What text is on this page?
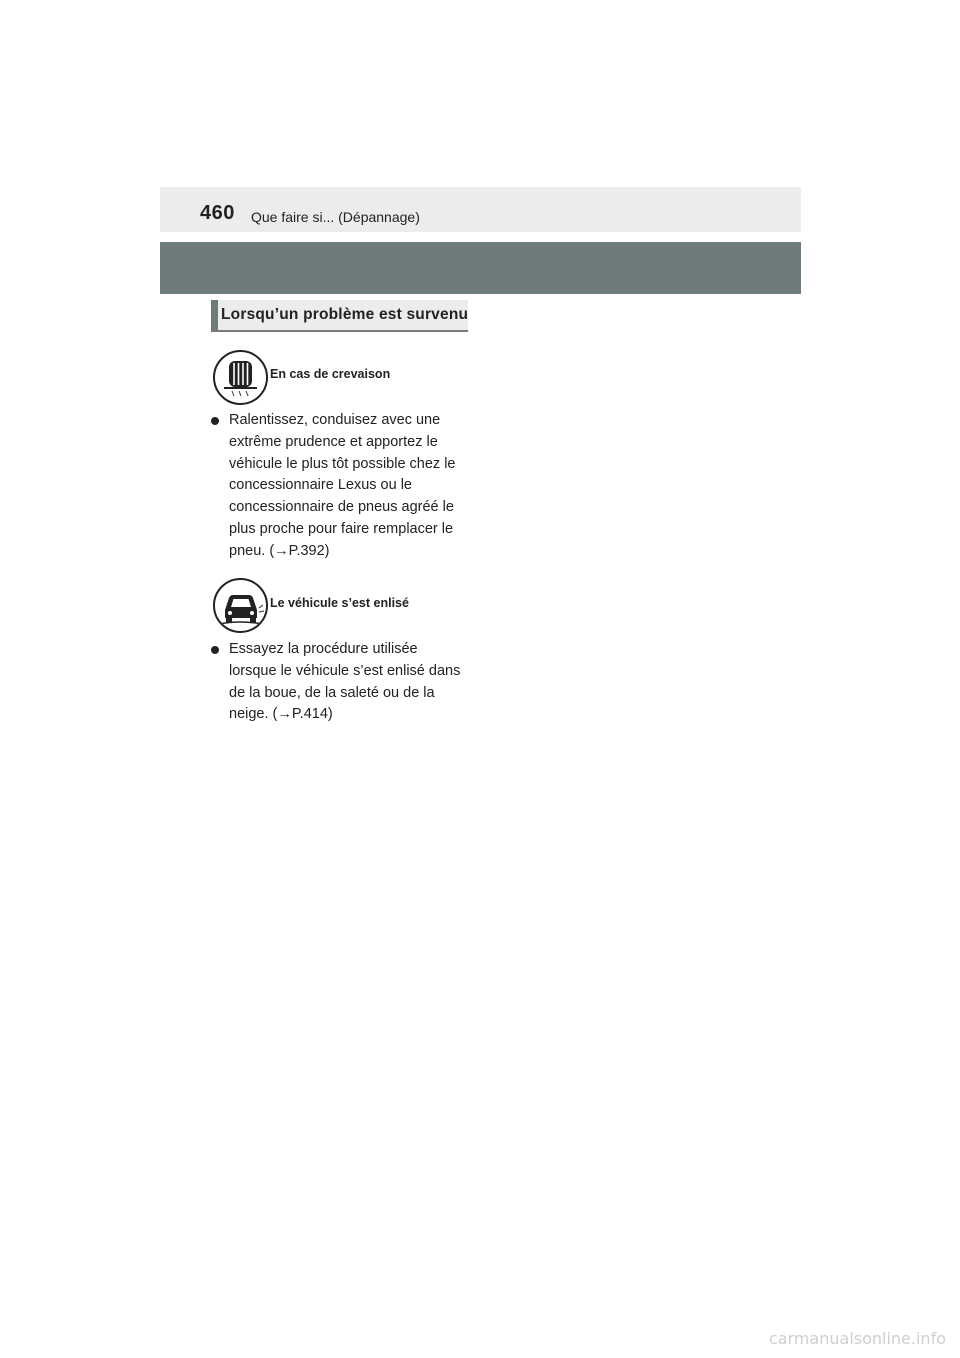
460 Que faire si... (Dépannage)
Lorsqu’un problème est survenu
En cas de crevaison
Ralentissez, conduisez avec une extrême prudence et apportez le véhicule le plus tôt possible chez le concessionnaire Lexus ou le concessionnaire de pneus agréé le plus proche pour faire remplacer le pneu. (→P.392)
Le véhicule s’est enlisé
Essayez la procédure utilisée lorsque le véhicule s’est enlisé dans de la boue, de la saleté ou de la neige. (→P.414)
carmanualsonline.info
